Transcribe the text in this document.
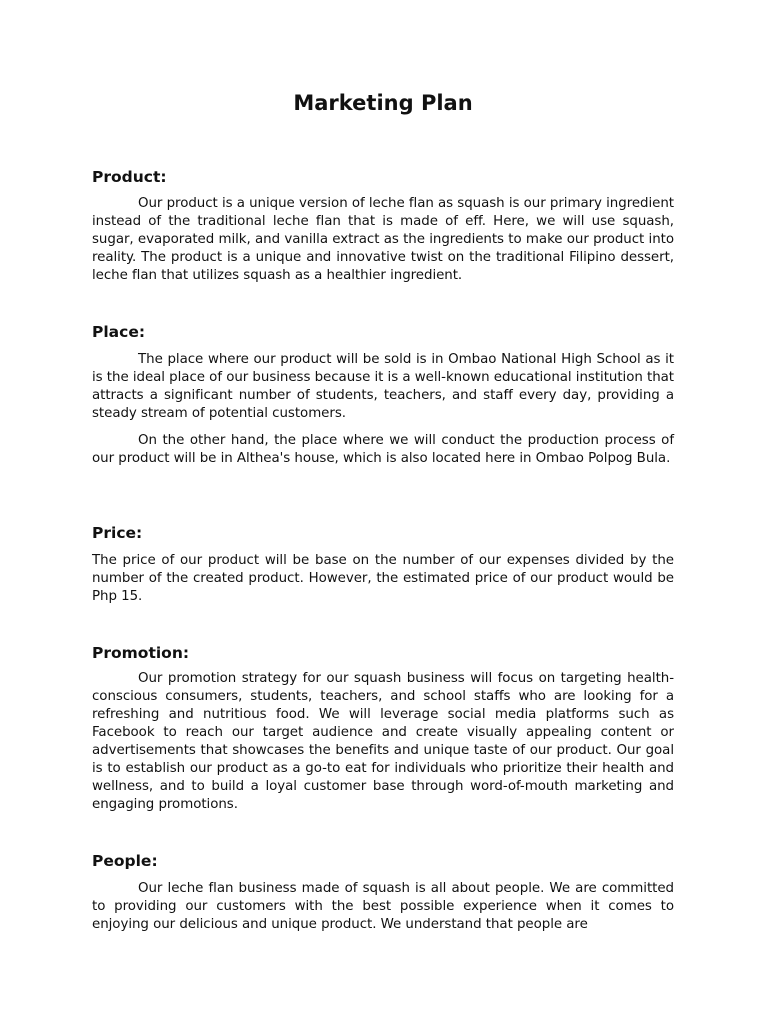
Marketing Plan
Product:

Our product is a unique version of leche flan as squash is our primary ingredient instead of the traditional leche flan that is made of eff. Here, we will use squash, sugar, evaporated milk, and vanilla extract as the ingredients to make our product into reality. The product is a unique and innovative twist on the traditional Filipino dessert, leche flan that utilizes squash as a healthier ingredient.

Place:

The place where our product will be sold is in Ombao National High School as it is the ideal place of our business because it is a well-known educational institution that attracts a significant number of students, teachers, and staff every day, providing a steady stream of potential customers.

On the other hand, the place where we will conduct the production process of our product will be in Althea's house, which is also located here in Ombao Polpog Bula.

Price:

The price of our product will be base on the number of our expenses divided by the number of the created product. However, the estimated price of our product would be Php 15.

Promotion:

Our promotion strategy for our squash business will focus on targeting health-conscious consumers, students, teachers, and school staffs who are looking for a refreshing and nutritious food. We will leverage social media platforms such as Facebook to reach our target audience and create visually appealing content or advertisements that showcases the benefits and unique taste of our product. Our goal is to establish our product as a go-to eat for individuals who prioritize their health and wellness, and to build a loyal customer base through word-of-mouth marketing and engaging promotions.

People:

Our leche flan business made of squash is all about people. We are committed to providing our customers with the best possible experience when it comes to enjoying our delicious and unique product. We understand that people are
